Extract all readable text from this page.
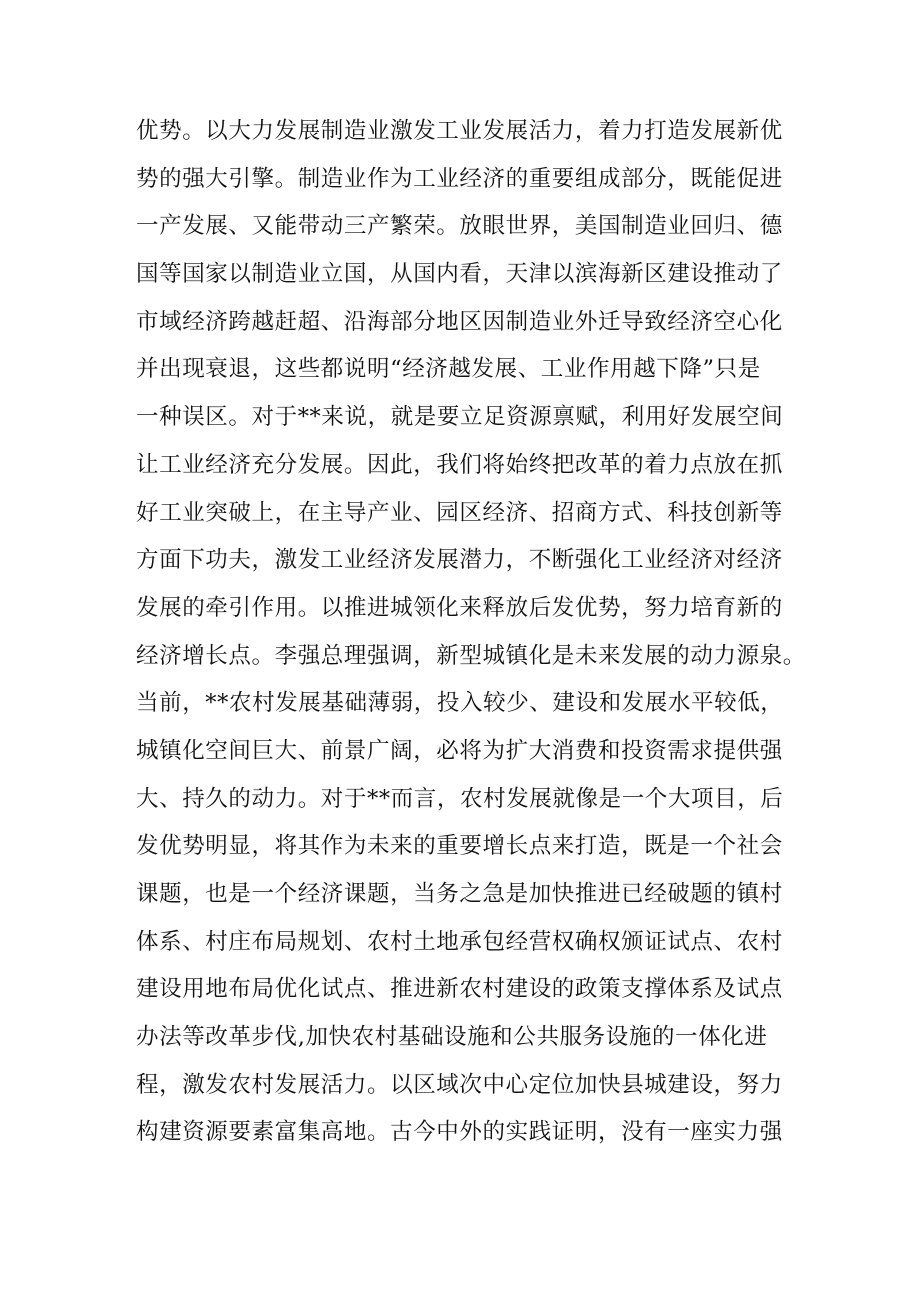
优势。以大力发展制造业激发工业发展活力，着力打造发展新优
势的强大引擎。制造业作为工业经济的重要组成部分，既能促进
一产发展、又能带动三产繁荣。放眼世界，美国制造业回归、德
国等国家以制造业立国，从国内看，天津以滨海新区建设推动了
市域经济跨越赶超、沿海部分地区因制造业外迁导致经济空心化
并出现衰退，这些都说明“经济越发展、工业作用越下降”只是
一种误区。对于**来说，就是要立足资源禀赋，利用好发展空间
让工业经济充分发展。因此，我们将始终把改革的着力点放在抓
好工业突破上，在主导产业、园区经济、招商方式、科技创新等
方面下功夫，激发工业经济发展潜力，不断强化工业经济对经济
发展的牵引作用。以推进城领化来释放后发优势，努力培育新的
经济增长点。李强总理强调，新型城镇化是未来发展的动力源泉。
当前，**农村发展基础薄弱，投入较少、建设和发展水平较低，
城镇化空间巨大、前景广阔，必将为扩大消费和投资需求提供强
大、持久的动力。对于**而言，农村发展就像是一个大项目，后
发优势明显，将其作为未来的重要增长点来打造，既是一个社会
课题，也是一个经济课题，当务之急是加快推进已经破题的镇村
体系、村庄布局规划、农村土地承包经营权确权颁证试点、农村
建设用地布局优化试点、推进新农村建设的政策支撑体系及试点
办法等改革步伐,加快农村基础设施和公共服务设施的一体化进
程，激发农村发展活力。以区域次中心定位加快县城建设，努力
构建资源要素富集高地。古今中外的实践证明，没有一座实力强
